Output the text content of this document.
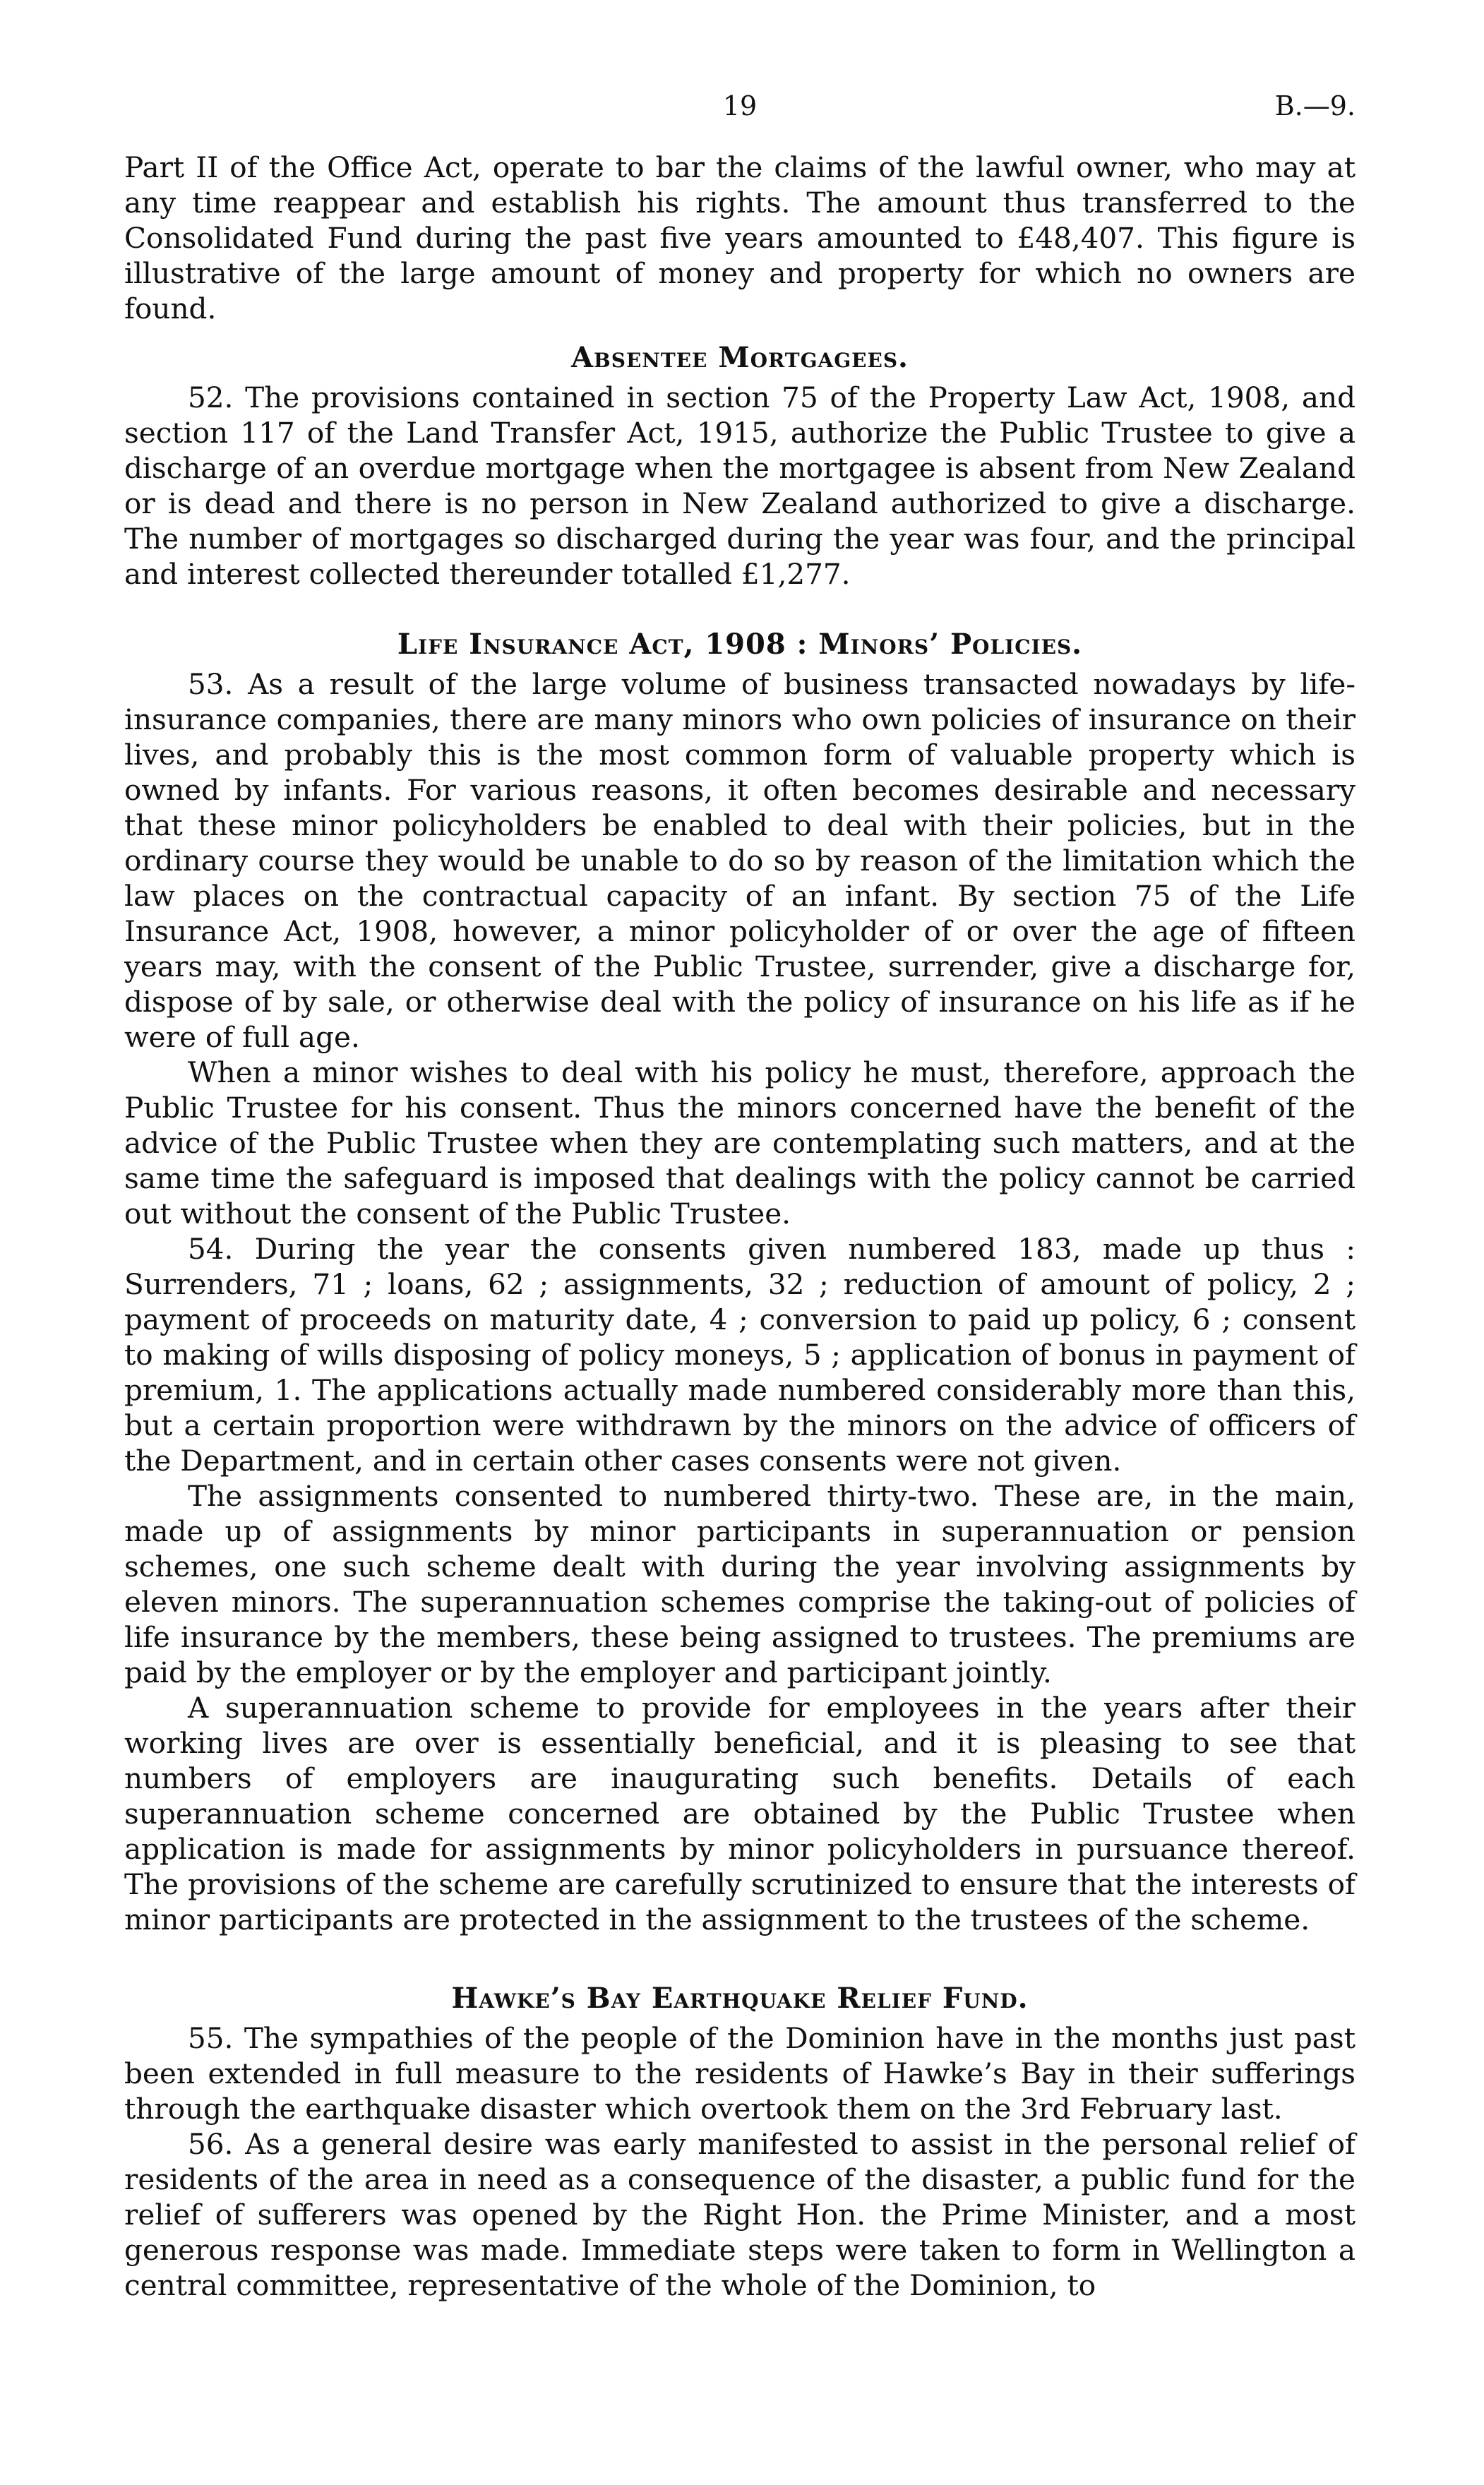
19	B.—9.

Part II of the Office Act, operate to bar the claims of the lawful owner, who may at any time reappear and establish his rights. The amount thus transferred to the Consolidated Fund during the past five years amounted to £48,407. This figure is illustrative of the large amount of money and property for which no owners are found.

Absentee Mortgagees.

52. The provisions contained in section 75 of the Property Law Act, 1908, and section 117 of the Land Transfer Act, 1915, authorize the Public Trustee to give a discharge of an overdue mortgage when the mortgagee is absent from New Zealand or is dead and there is no person in New Zealand authorized to give a discharge. The number of mortgages so discharged during the year was four, and the principal and interest collected thereunder totalled £1,277.

Life Insurance Act, 1908 : Minors’ Policies.

53. As a result of the large volume of business transacted nowadays by life-insurance companies, there are many minors who own policies of insurance on their lives, and probably this is the most common form of valuable property which is owned by infants. For various reasons, it often becomes desirable and necessary that these minor policyholders be enabled to deal with their policies, but in the ordinary course they would be unable to do so by reason of the limitation which the law places on the contractual capacity of an infant. By section 75 of the Life Insurance Act, 1908, however, a minor policyholder of or over the age of fifteen years may, with the consent of the Public Trustee, surrender, give a discharge for, dispose of by sale, or otherwise deal with the policy of insurance on his life as if he were of full age.

When a minor wishes to deal with his policy he must, therefore, approach the Public Trustee for his consent. Thus the minors concerned have the benefit of the advice of the Public Trustee when they are contemplating such matters, and at the same time the safeguard is imposed that dealings with the policy cannot be carried out without the consent of the Public Trustee.

54. During the year the consents given numbered 183, made up thus : Surrenders, 71 ; loans, 62 ; assignments, 32 ; reduction of amount of policy, 2 ; payment of proceeds on maturity date, 4 ; conversion to paid up policy, 6 ; consent to making of wills disposing of policy moneys, 5 ; application of bonus in payment of premium, 1. The applications actually made numbered considerably more than this, but a certain proportion were withdrawn by the minors on the advice of officers of the Department, and in certain other cases consents were not given.

The assignments consented to numbered thirty-two. These are, in the main, made up of assignments by minor participants in superannuation or pension schemes, one such scheme dealt with during the year involving assignments by eleven minors. The superannuation schemes comprise the taking-out of policies of life insurance by the members, these being assigned to trustees. The premiums are paid by the employer or by the employer and participant jointly.

A superannuation scheme to provide for employees in the years after their working lives are over is essentially beneficial, and it is pleasing to see that numbers of employers are inaugurating such benefits. Details of each superannuation scheme concerned are obtained by the Public Trustee when application is made for assignments by minor policyholders in pursuance thereof. The provisions of the scheme are carefully scrutinized to ensure that the interests of minor participants are protected in the assignment to the trustees of the scheme.

Hawke’s Bay Earthquake Relief Fund.

55. The sympathies of the people of the Dominion have in the months just past been extended in full measure to the residents of Hawke’s Bay in their sufferings through the earthquake disaster which overtook them on the 3rd February last.

56. As a general desire was early manifested to assist in the personal relief of residents of the area in need as a consequence of the disaster, a public fund for the relief of sufferers was opened by the Right Hon. the Prime Minister, and a most generous response was made. Immediate steps were taken to form in Wellington a central committee, representative of the whole of the Dominion, to
